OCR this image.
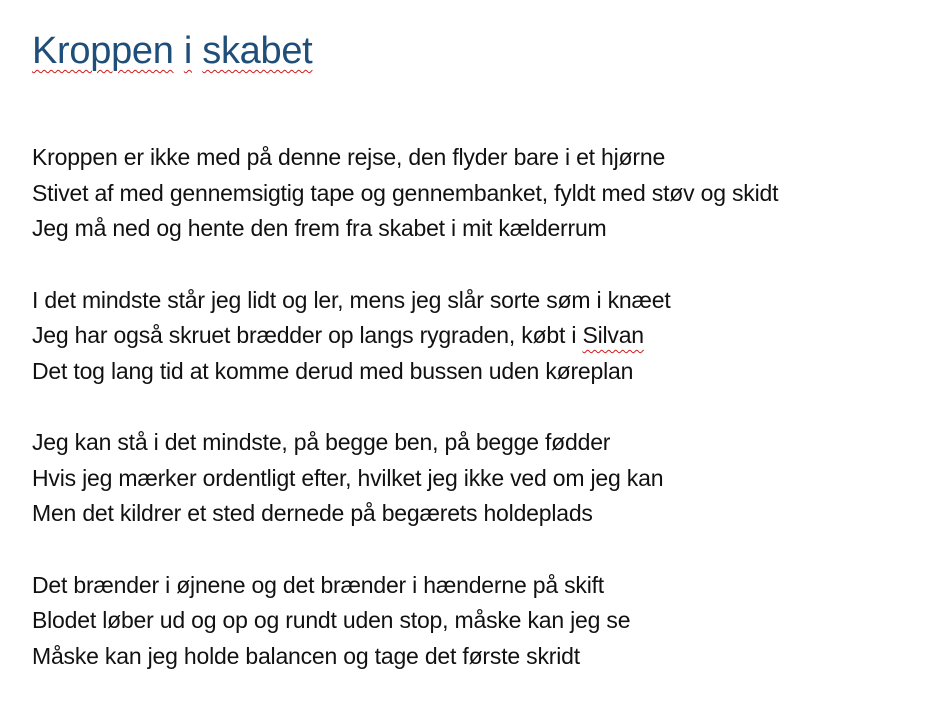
Kroppen i skabet
Kroppen er ikke med på denne rejse, den flyder bare i et hjørne
Stivet af med gennemsigtig tape og gennembanket, fyldt med støv og skidt
Jeg må ned og hente den frem fra skabet i mit kælderrum
I det mindste står jeg lidt og ler, mens jeg slår sorte søm i knæet
Jeg har også skruet brædder op langs rygraden, købt i Silvan
Det tog lang tid at komme derud med bussen uden køreplan
Jeg kan stå i det mindste, på begge ben, på begge fødder
Hvis jeg mærker ordentligt efter, hvilket jeg ikke ved om jeg kan
Men det kildrer et sted dernede på begærets holdeplads
Det brænder i øjnene og det brænder i hænderne på skift
Blodet løber ud og op og rundt uden stop, måske kan jeg se
Måske kan jeg holde balancen og tage det første skridt
